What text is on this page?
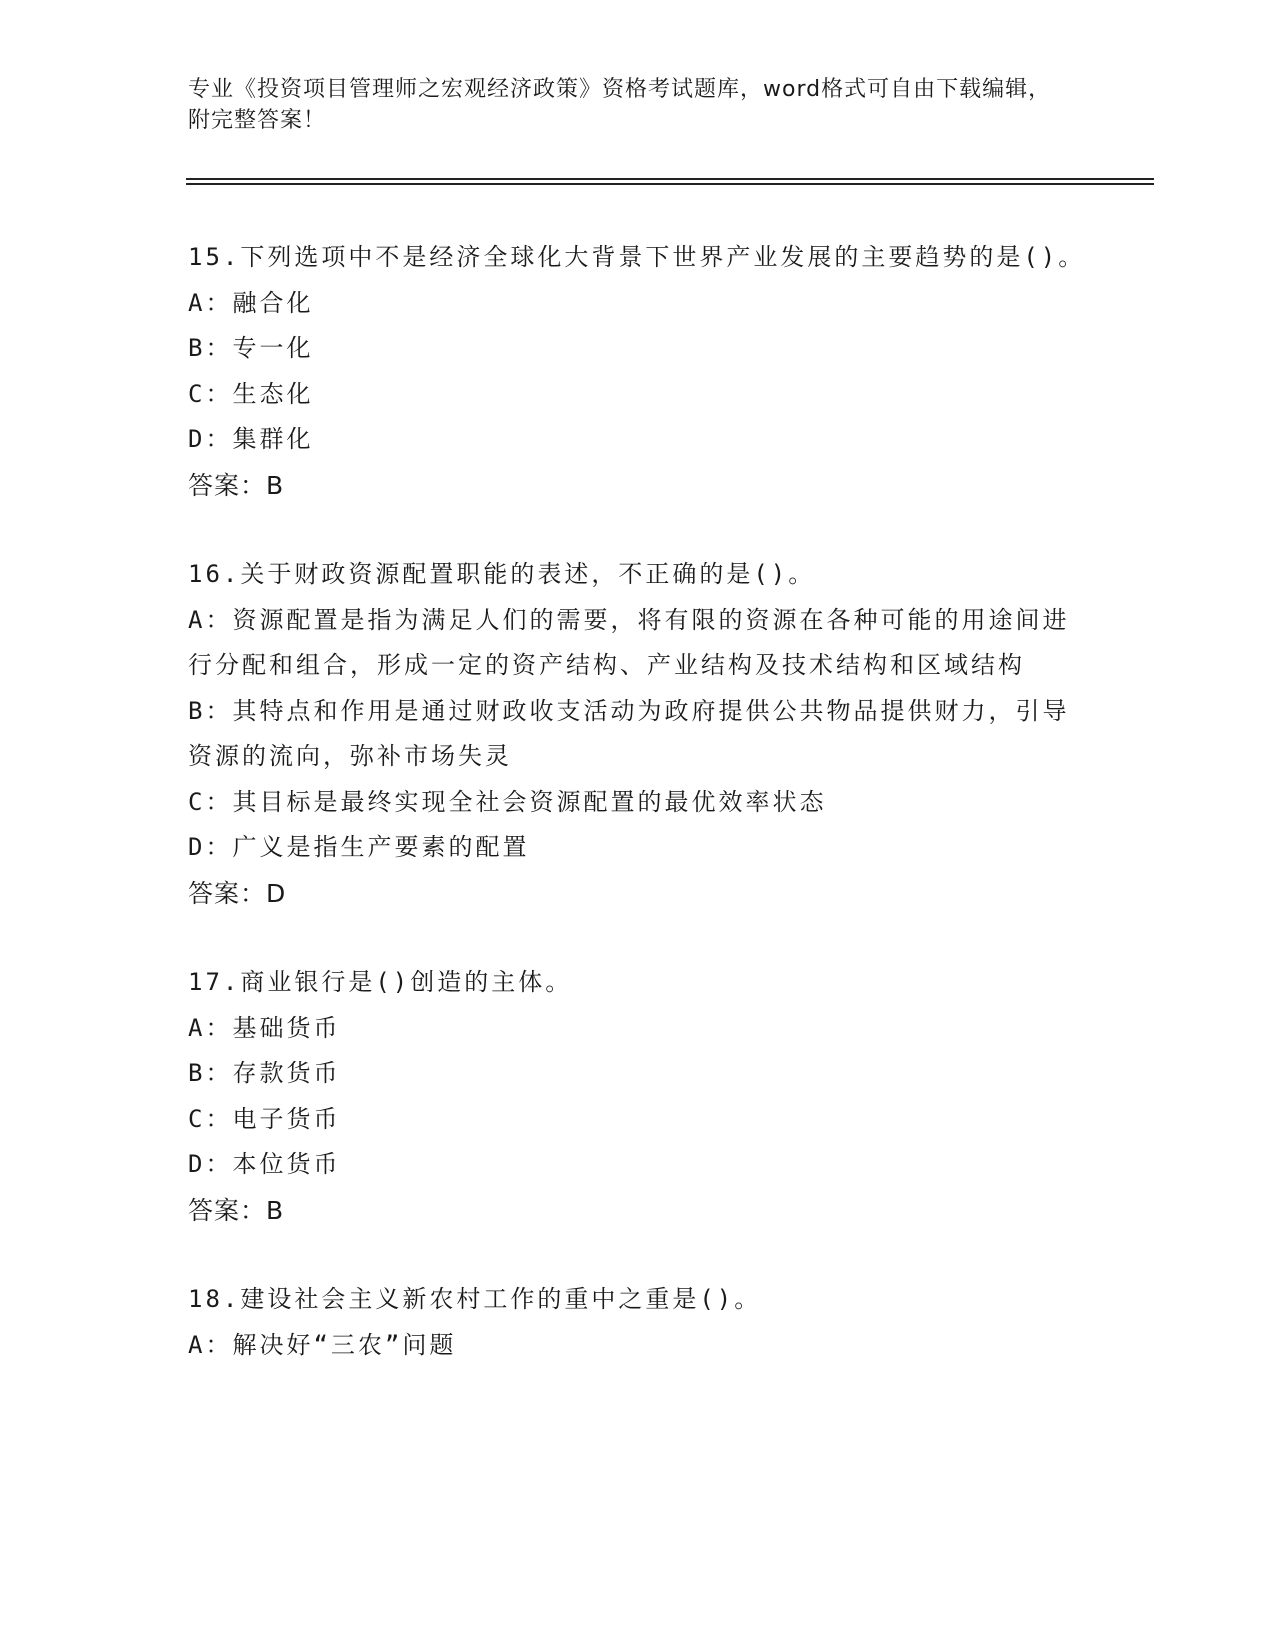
专业《投资项目管理师之宏观经济政策》资格考试题库，word格式可自由下载编辑，附完整答案！
15.下列选项中不是经济全球化大背景下世界产业发展的主要趋势的是()。
A：融合化
B：专一化
C：生态化
D：集群化
答案：B
16.关于财政资源配置职能的表述，不正确的是()。
A：资源配置是指为满足人们的需要，将有限的资源在各种可能的用途间进行分配和组合，形成一定的资产结构、产业结构及技术结构和区域结构
B：其特点和作用是通过财政收支活动为政府提供公共物品提供财力，引导资源的流向，弥补市场失灵
C：其目标是最终实现全社会资源配置的最优效率状态
D：广义是指生产要素的配置
答案：D
17.商业银行是()创造的主体。
A：基础货币
B：存款货币
C：电子货币
D：本位货币
答案：B
18.建设社会主义新农村工作的重中之重是()。
A：解决好“三农”问题
